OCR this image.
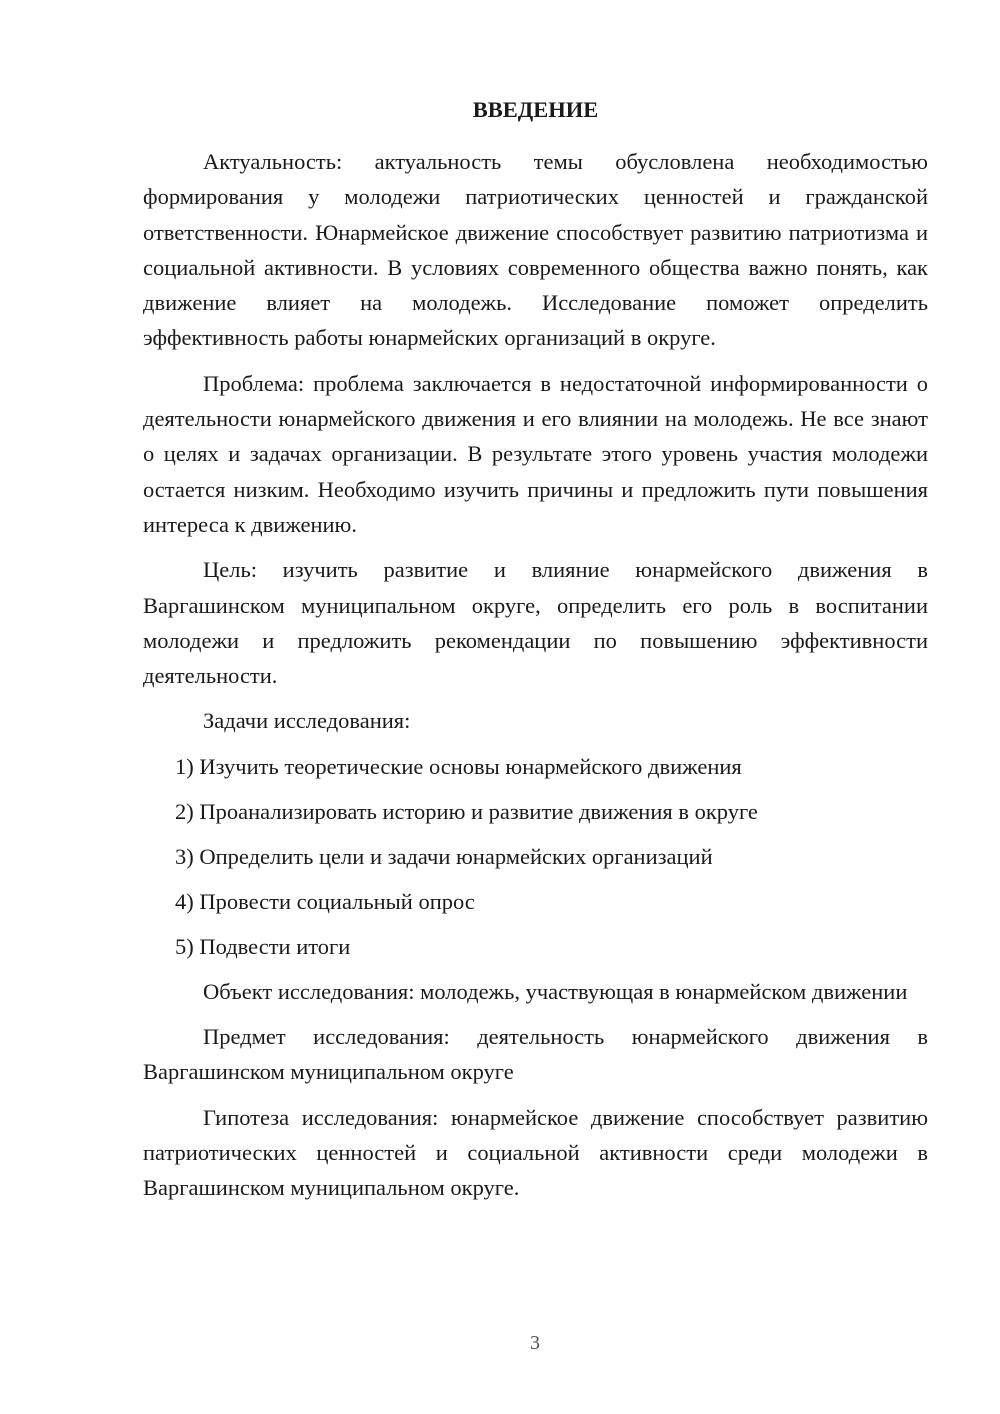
ВВЕДЕНИЕ

Актуальность: актуальность темы обусловлена необходимостью формирования у молодежи патриотических ценностей и гражданской ответственности. Юнармейское движение способствует развитию патриотизма и социальной активности. В условиях современного общества важно понять, как движение влияет на молодежь. Исследование поможет определить эффективность работы юнармейских организаций в округе.

Проблема: проблема заключается в недостаточной информированности о деятельности юнармейского движения и его влиянии на молодежь. Не все знают о целях и задачах организации. В результате этого уровень участия молодежи остается низким. Необходимо изучить причины и предложить пути повышения интереса к движению.

Цель: изучить развитие и влияние юнармейского движения в Варгашинском муниципальном округе, определить его роль в воспитании молодежи и предложить рекомендации по повышению эффективности деятельности.

Задачи исследования:
1) Изучить теоретические основы юнармейского движения
2) Проанализировать историю и развитие движения в округе
3) Определить цели и задачи юнармейских организаций
4) Провести социальный опрос
5) Подвести итоги

Объект исследования: молодежь, участвующая в юнармейском движении

Предмет исследования: деятельность юнармейского движения в Варгашинском муниципальном округе

Гипотеза исследования: юнармейское движение способствует развитию патриотических ценностей и социальной активности среди молодежи в Варгашинском муниципальном округе.

3
